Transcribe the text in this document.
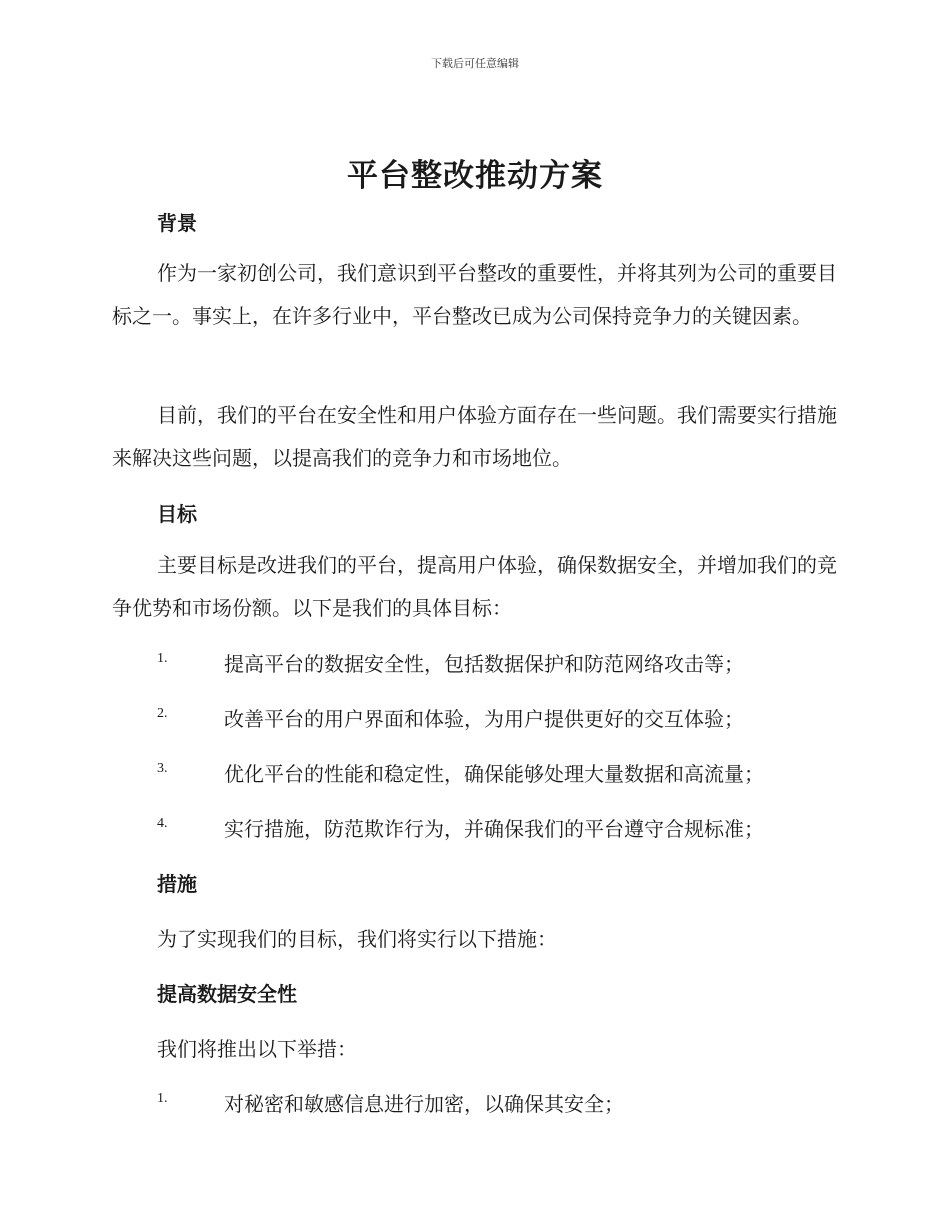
下载后可任意编辑
平台整改推动方案
背景

作为一家初创公司，我们意识到平台整改的重要性，并将其列为公司的重要目标之一。事实上，在许多行业中，平台整改已成为公司保持竞争力的关键因素。

目前，我们的平台在安全性和用户体验方面存在一些问题。我们需要实行措施来解决这些问题，以提高我们的竞争力和市场地位。

目标

主要目标是改进我们的平台，提高用户体验，确保数据安全，并增加我们的竞争优势和市场份额。以下是我们的具体目标：

1.	提高平台的数据安全性，包括数据保护和防范网络攻击等；
2.	改善平台的用户界面和体验，为用户提供更好的交互体验；
3.	优化平台的性能和稳定性，确保能够处理大量数据和高流量；
4.	实行措施，防范欺诈行为，并确保我们的平台遵守合规标准；
措施
为了实现我们的目标，我们将实行以下措施：
提高数据安全性
我们将推出以下举措：
1.	对秘密和敏感信息进行加密，以确保其安全；
